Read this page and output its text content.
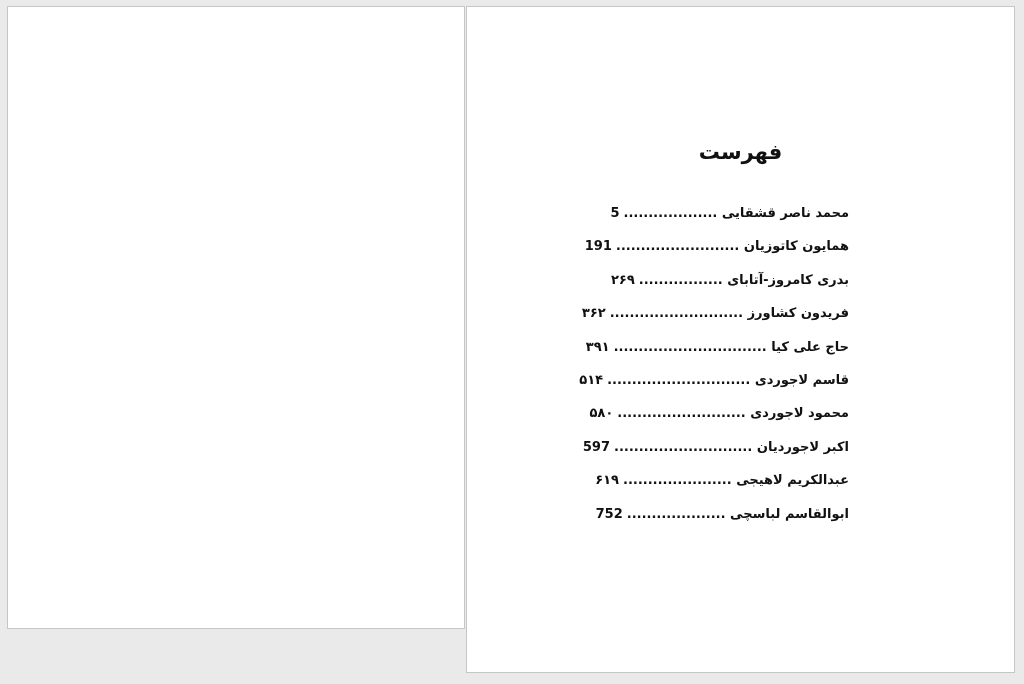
فهرست
محمد ناصر قشقایی ...................5
همایون کاتوزیان .........................191
بدری کامروز-آتابای .................۲۶۹
فریدون کشاورز ...........................۳۶۲
حاج علی کیا ...............................۳۹۱
قاسم لاجوردی .............................۵۱۴
محمود لاجوردی ..........................۵۸۰
اکبر لاجوردیان ............................597
عبدالکریم لاهیجی ......................۶۱۹
ابوالقاسم لباسچی ....................752
